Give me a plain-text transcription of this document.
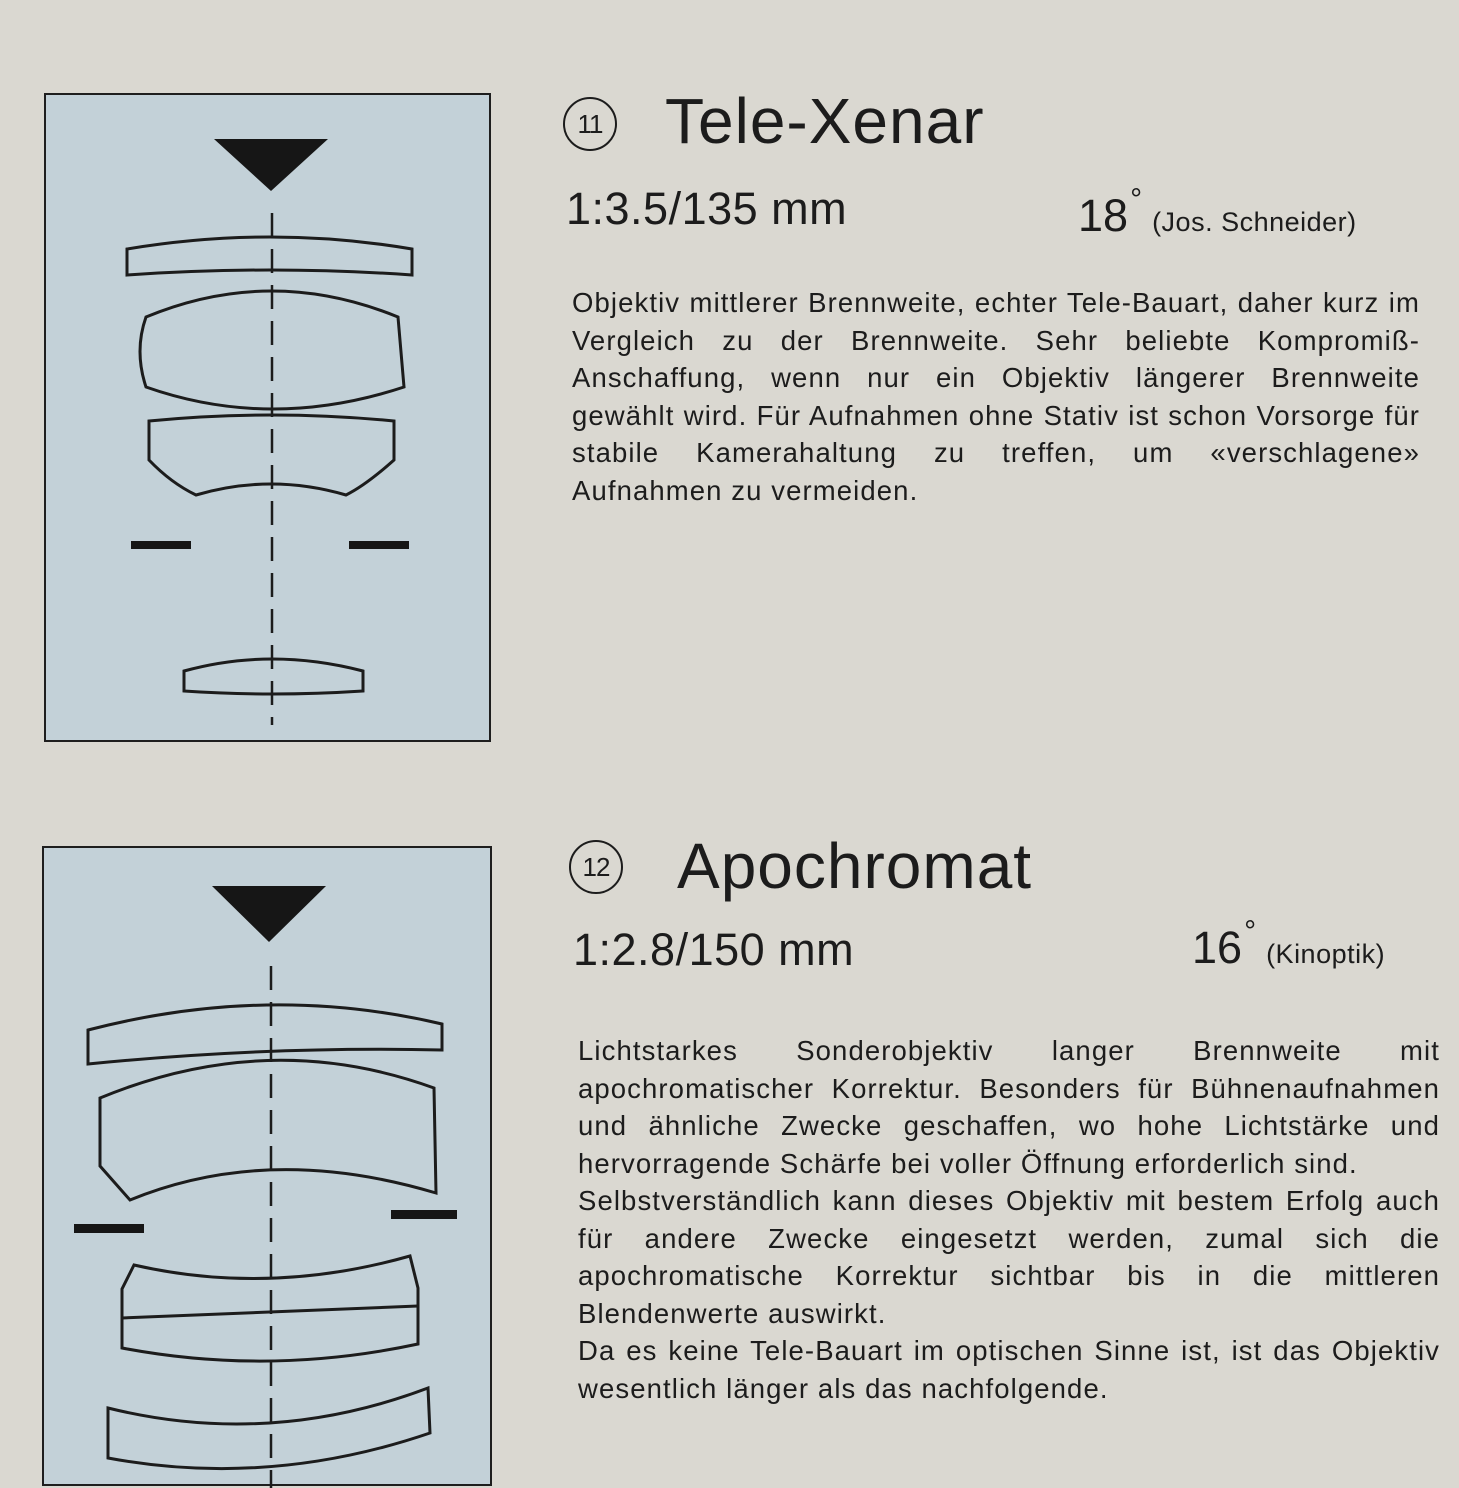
11 Tele-Xenar
1:3.5/135 mm	18°(Jos. Schneider)

Objektiv mittlerer Brennweite, echter Tele-Bauart, daher kurz im Vergleich zu der Brennweite. Sehr beliebte Kompromiß-Anschaffung, wenn nur ein Objektiv längerer Brennweite gewählt wird. Für Aufnahmen ohne Stativ ist schon Vorsorge für stabile Kamerahaltung zu treffen, um «verschlagene» Aufnahmen zu vermeiden.

12 Apochromat
1:2.8/150 mm	16°(Kinoptik)

Lichtstarkes Sonderobjektiv langer Brennweite mit apochromatischer Korrektur. Besonders für Bühnenaufnahmen und ähnliche Zwecke geschaffen, wo hohe Lichtstärke und hervorragende Schärfe bei voller Öffnung erforderlich sind.

Selbstverständlich kann dieses Objektiv mit bestem Erfolg auch für andere Zwecke eingesetzt werden, zumal sich die apochromatische Korrektur sichtbar bis in die mittleren Blendenwerte auswirkt.

Da es keine Tele-Bauart im optischen Sinne ist, ist das Objektiv wesentlich länger als das nachfolgende.
